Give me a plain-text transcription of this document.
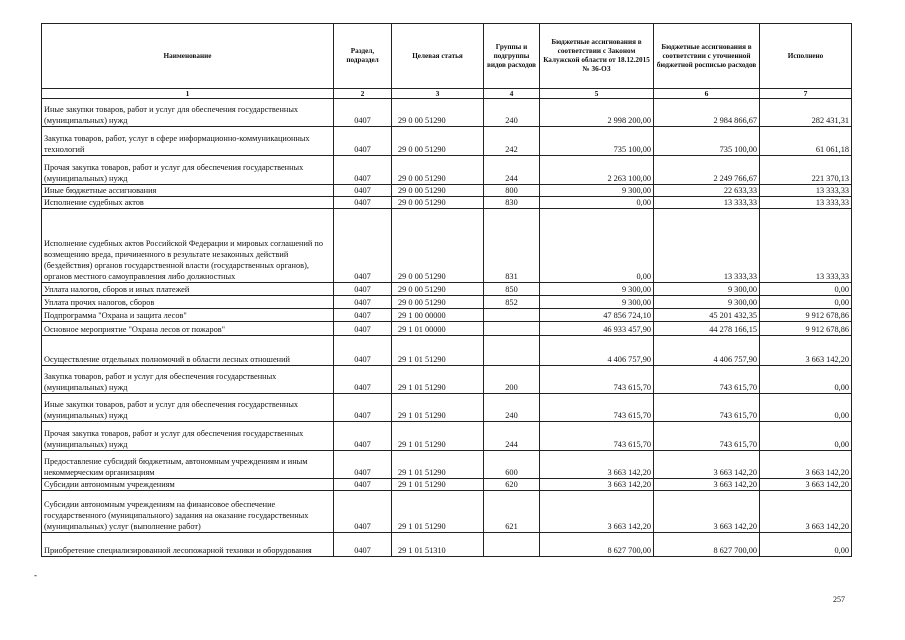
Наименование	Раздел, подраздел	Целевая статья	Группы и подгруппы видов расходов	Бюджетные ассигнования в соответствии с Законом Калужской области от 18.12.2015 № 36-ОЗ	Бюджетные ассигнования в соответствии с уточненной бюджетной росписью расходов	Исполнено
1	2	3	4	5	6	7
Иные закупки товаров, работ и услуг для обеспечения государственных (муниципальных) нужд	0407	29 0 00 51290	240	2 998 200,00	2 984 866,67	282 431,31
Закупка товаров, работ, услуг в сфере информационно-коммуникационных технологий	0407	29 0 00 51290	242	735 100,00	735 100,00	61 061,18
Прочая закупка товаров, работ и услуг для обеспечения государственных (муниципальных) нужд	0407	29 0 00 51290	244	2 263 100,00	2 249 766,67	221 370,13
Иные бюджетные ассигнования	0407	29 0 00 51290	800	9 300,00	22 633,33	13 333,33
Исполнение судебных актов	0407	29 0 00 51290	830	0,00	13 333,33	13 333,33
Исполнение судебных актов Российской Федерации и мировых соглашений по возмещению вреда, причиненного в результате незаконных действий (бездействия) органов государственной власти (государственных органов), органов местного самоуправления либо должностных	0407	29 0 00 51290	831	0,00	13 333,33	13 333,33
Уплата налогов, сборов и иных платежей	0407	29 0 00 51290	850	9 300,00	9 300,00	0,00
Уплата прочих налогов, сборов	0407	29 0 00 51290	852	9 300,00	9 300,00	0,00
Подпрограмма "Охрана и защита лесов"	0407	29 1 00 00000		47 856 724,10	45 201 432,35	9 912 678,86
Основное мероприятие "Охрана лесов от пожаров"	0407	29 1 01 00000		46 933 457,90	44 278 166,15	9 912 678,86
Осуществление отдельных полномочий в области лесных отношений	0407	29 1 01 51290		4 406 757,90	4 406 757,90	3 663 142,20
Закупка товаров, работ и услуг для обеспечения государственных (муниципальных) нужд	0407	29 1 01 51290	200	743 615,70	743 615,70	0,00
Иные закупки товаров, работ и услуг для обеспечения государственных (муниципальных) нужд	0407	29 1 01 51290	240	743 615,70	743 615,70	0,00
Прочая закупка товаров, работ и услуг для обеспечения государственных (муниципальных) нужд	0407	29 1 01 51290	244	743 615,70	743 615,70	0,00
Предоставление субсидий бюджетным, автономным учреждениям и иным некоммерческим организациям	0407	29 1 01 51290	600	3 663 142,20	3 663 142,20	3 663 142,20
Субсидии автономным учреждениям	0407	29 1 01 51290	620	3 663 142,20	3 663 142,20	3 663 142,20
Субсидии автономным учреждениям на финансовое обеспечение государственного (муниципального) задания на оказание государственных (муниципальных) услуг (выполнение работ)	0407	29 1 01 51290	621	3 663 142,20	3 663 142,20	3 663 142,20
Приобретение специализированной лесопожарной техники и оборудования	0407	29 1 01 51310		8 627 700,00	8 627 700,00	0,00
257
-
